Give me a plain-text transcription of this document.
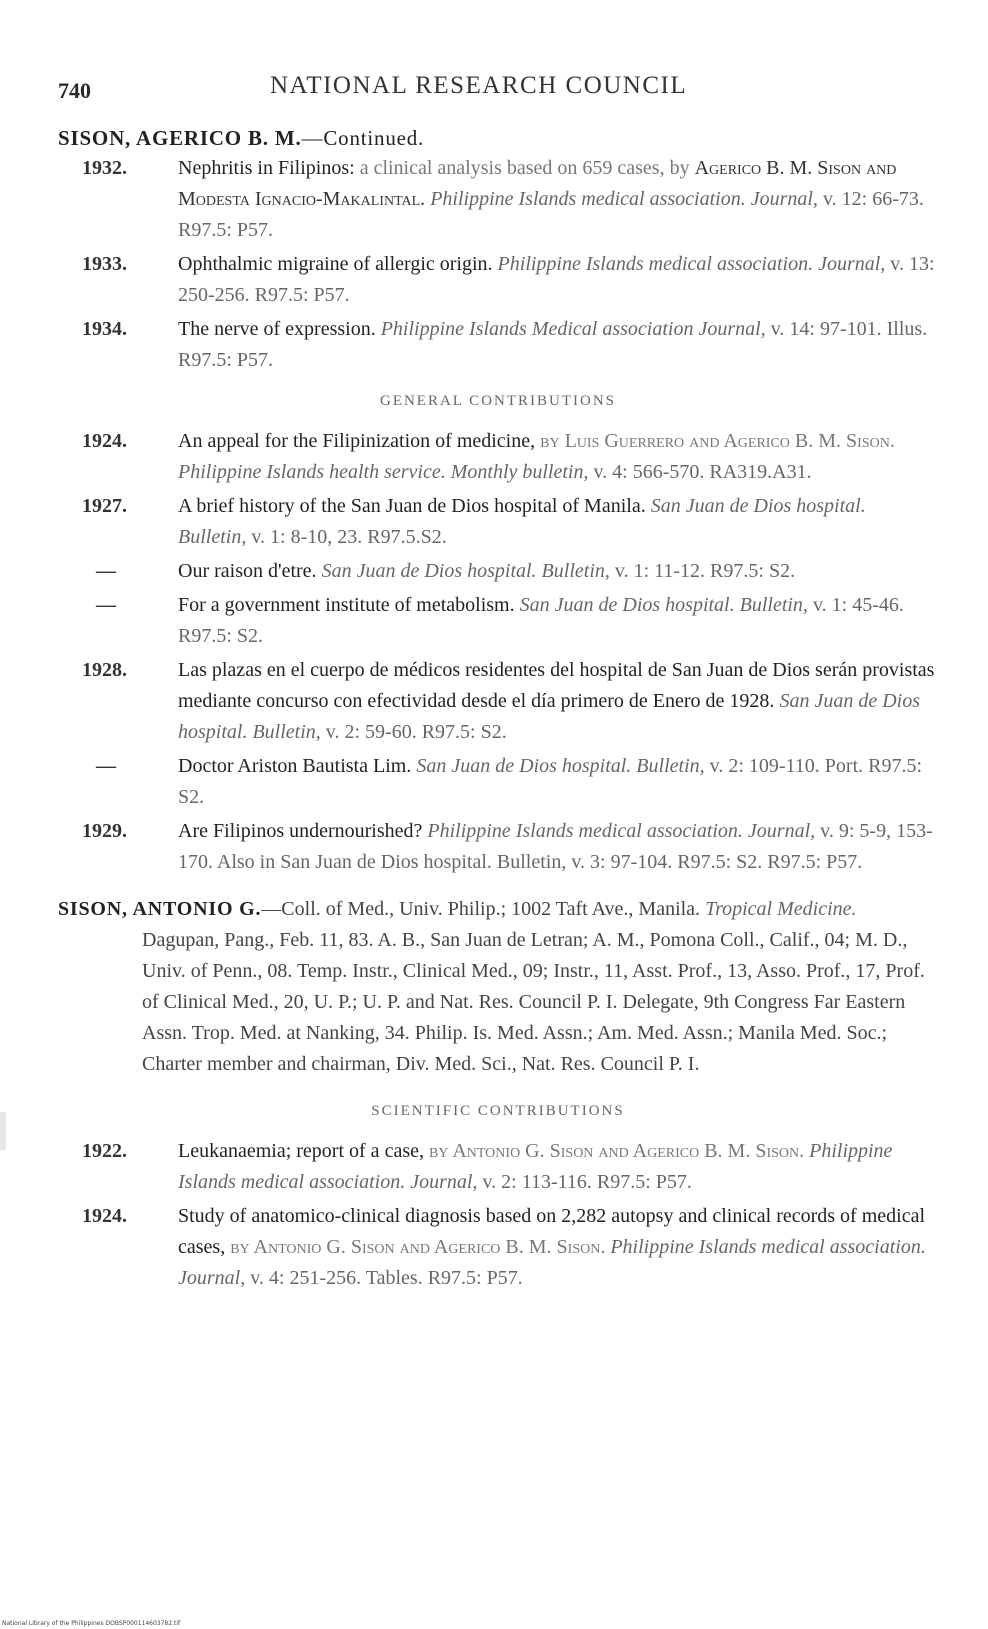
740	NATIONAL RESEARCH COUNCIL

SISON, AGERICO B. M.—Continued.

1932.	Nephritis in Filipinos: a clinical analysis based on 659 cases, by Agerico B. M. Sison and Modesta Ignacio-Makalintal. Philippine Islands medical association. Journal, v. 12: 66-73. R97.5: P57.

1933.	Ophthalmic migraine of allergic origin. Philippine Islands medical association. Journal, v. 13: 250-256. R97.5: P57.

1934.	The nerve of expression. Philippine Islands Medical association Journal, v. 14: 97-101. Illus. R97.5: P57.

GENERAL CONTRIBUTIONS

1924.	An appeal for the Filipinization of medicine, by Luis Guerrero and Agerico B. M. Sison. Philippine Islands health service. Monthly bulletin, v. 4: 566-570. RA319.A31.

1927.	A brief history of the San Juan de Dios hospital of Manila. San Juan de Dios hospital. Bulletin, v. 1: 8-10, 23. R97.5.S2.

—	Our raison d'etre. San Juan de Dios hospital. Bulletin, v. 1: 11-12. R97.5: S2.

—	For a government institute of metabolism. San Juan de Dios hospital. Bulletin, v. 1: 45-46. R97.5: S2.

1928.	Las plazas en el cuerpo de médicos residentes del hospital de San Juan de Dios serán provistas mediante concurso con efectividad desde el día primero de Enero de 1928. San Juan de Dios hospital. Bulletin, v. 2: 59-60. R97.5: S2.

—	Doctor Ariston Bautista Lim. San Juan de Dios hospital. Bulletin, v. 2: 109-110. Port. R97.5: S2.

1929.	Are Filipinos undernourished? Philippine Islands medical association. Journal, v. 9: 5-9, 153-170. Also in San Juan de Dios hospital. Bulletin, v. 3: 97-104. R97.5: S2. R97.5: P57.

SISON, ANTONIO G.—Coll. of Med., Univ. Philip.; 1002 Taft Ave., Manila. Tropical Medicine. Dagupan, Pang., Feb. 11, 83. A. B., San Juan de Letran; A. M., Pomona Coll., Calif., 04; M. D., Univ. of Penn., 08. Temp. Instr., Clinical Med., 09; Instr., 11, Asst. Prof., 13, Asso. Prof., 17, Prof. of Clinical Med., 20, U. P.; U. P. and Nat. Res. Council P. I. Delegate, 9th Congress Far Eastern Assn. Trop. Med. at Nanking, 34. Philip. Is. Med. Assn.; Am. Med. Assn.; Manila Med. Soc.; Charter member and chairman, Div. Med. Sci., Nat. Res. Council P. I.

SCIENTIFIC CONTRIBUTIONS

1922.	Leukanaemia; report of a case, by Antonio G. Sison and Agerico B. M. Sison. Philippine Islands medical association. Journal, v. 2: 113-116. R97.5: P57.

1924.	Study of anatomico-clinical diagnosis based on 2,282 autopsy and clinical records of medical cases, by Antonio G. Sison and Agerico B. M. Sison. Philippine Islands medical association. Journal, v. 4: 251-256. Tables. R97.5: P57.

National Library of the Philippines DOBSP000114603782.tif
